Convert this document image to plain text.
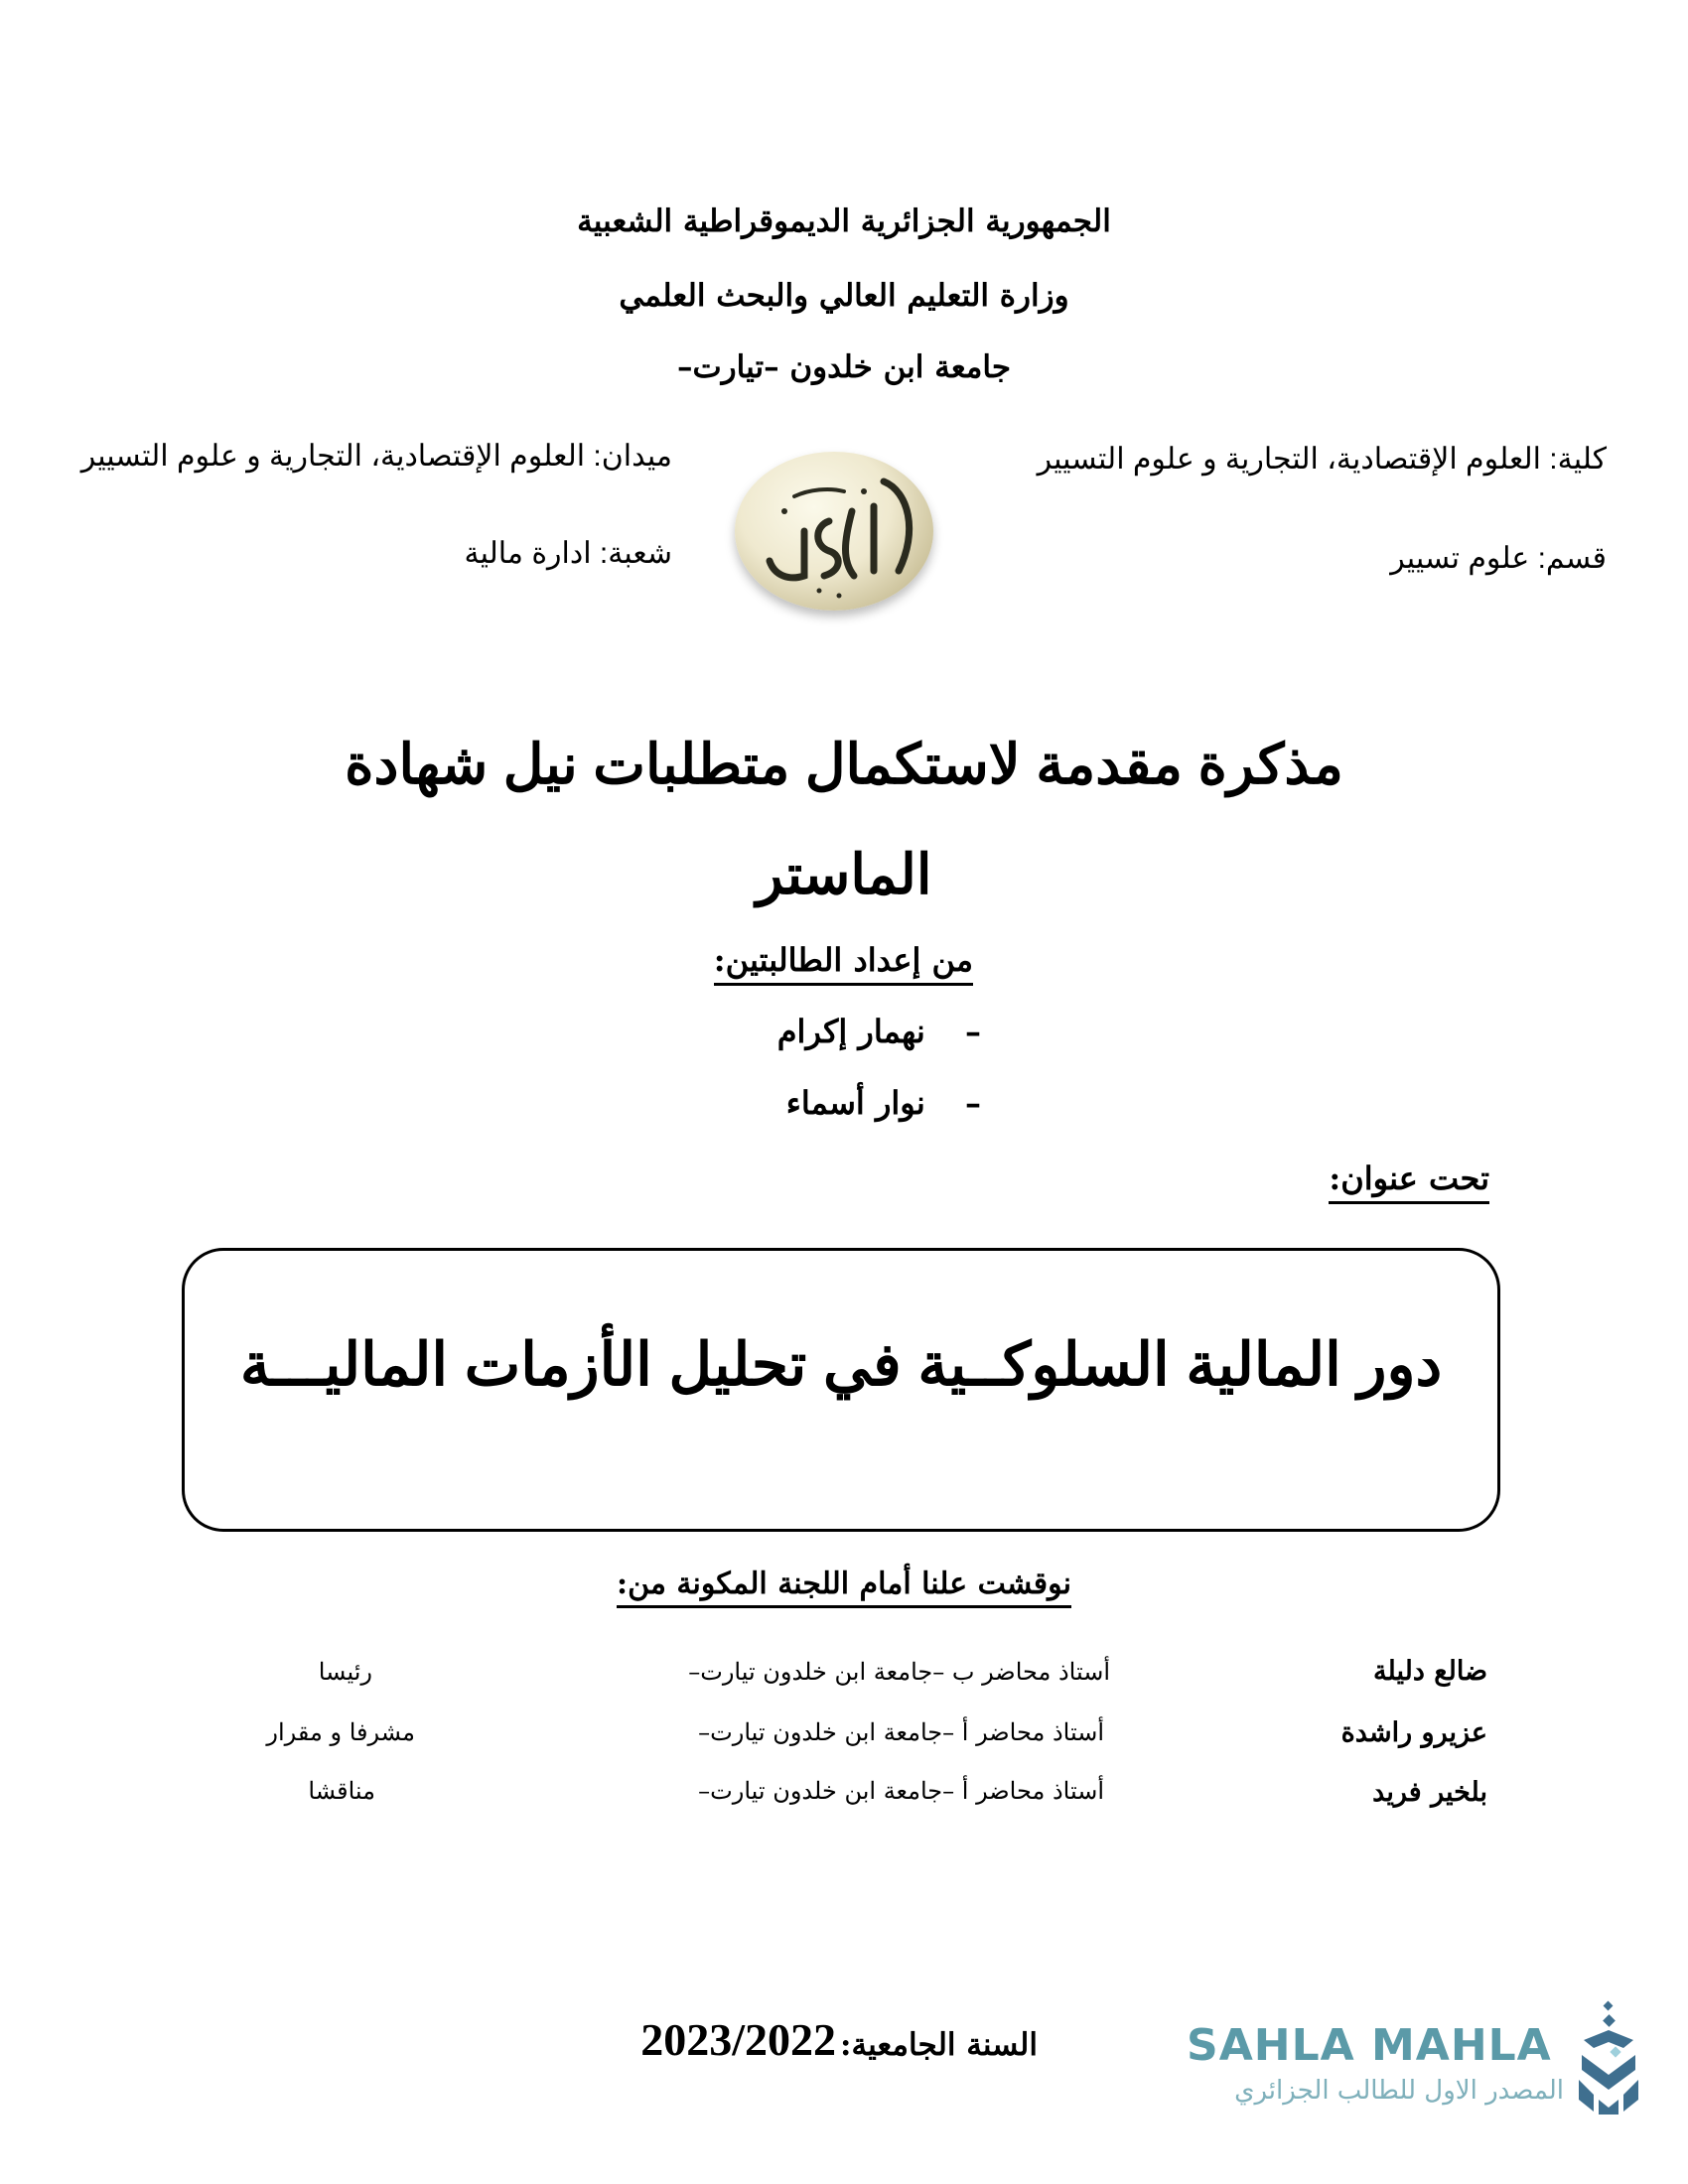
الجمهورية الجزائرية الديموقراطية الشعبية
وزارة التعليم العالي والبحث العلمي
جامعة ابن خلدون –تيارت–
كلية: العلوم الإقتصادية، التجارية و علوم التسيير
قسم: علوم تسيير
ميدان: العلوم الإقتصادية، التجارية و علوم التسيير
شعبة: ادارة مالية
مذكرة مقدمة لاستكمال متطلبات نيل شهادة
الماستر
من إعداد الطالبتين:
–  نهمار إكرام
–  نوار أسماء
تحت عنوان:
دور المالية السلوكــية في تحليل الأزمات الماليـــة
نوقشت علنا أمام اللجنة المكونة من:
ضالع دليلة
أستاذ محاضر ب –جامعة ابن خلدون تيارت–
رئيسا
عزيرو راشدة
أستاذ محاضر أ –جامعة ابن خلدون تيارت–
مشرفا و مقرار
بلخير فريد
أستاذ محاضر أ –جامعة ابن خلدون تيارت–
مناقشا
السنة الجامعية: 2023/2022	SAHLA MAHLA
المصدر الاول للطالب الجزائري
